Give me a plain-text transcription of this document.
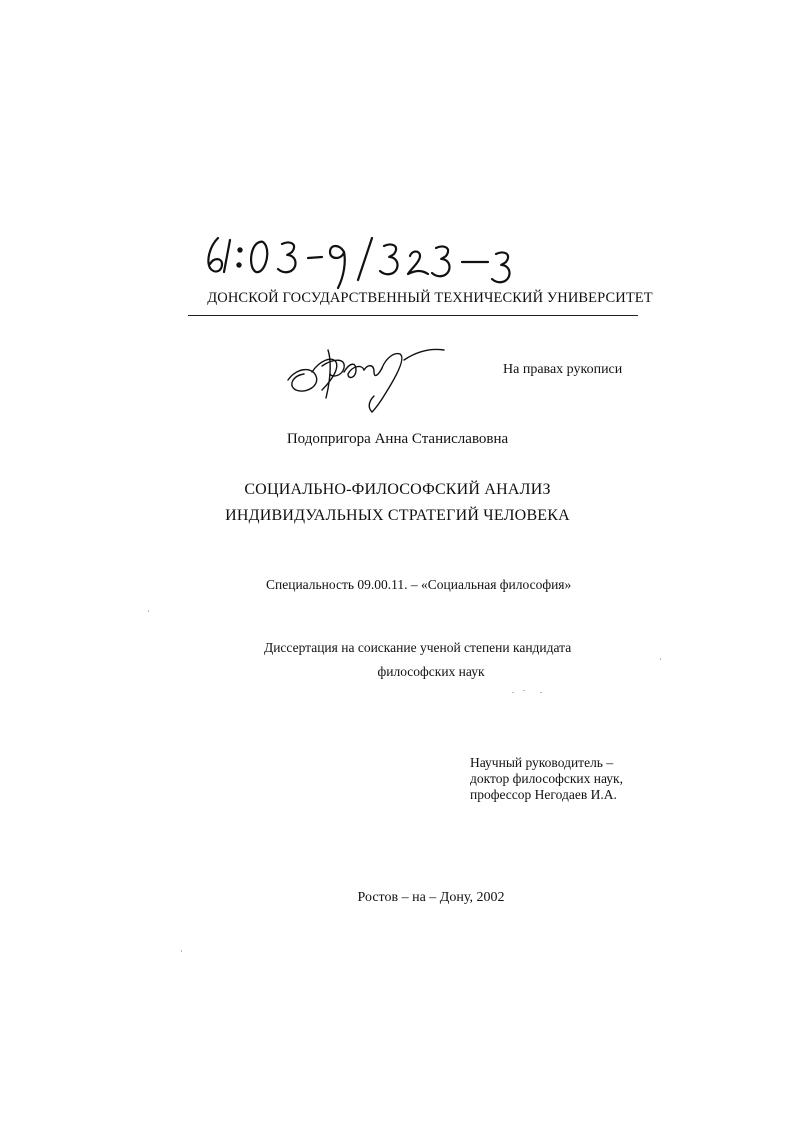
ДОНСКОЙ ГОСУДАРСТВЕННЫЙ ТЕХНИЧЕСКИЙ УНИВЕРСИТЕТ
На правах рукописи
Подопригора Анна Станиславовна
СОЦИАЛЬНО-ФИЛОСОФСКИЙ АНАЛИЗ
ИНДИВИДУАЛЬНЫХ СТРАТЕГИЙ ЧЕЛОВЕКА
Специальность 09.00.11. – «Социальная философия»
Диссертация на соискание ученой степени кандидата
философских наук
Научный руководитель –
доктор философских наук,
профессор Негодаев И.А.
Ростов – на – Дону, 2002
